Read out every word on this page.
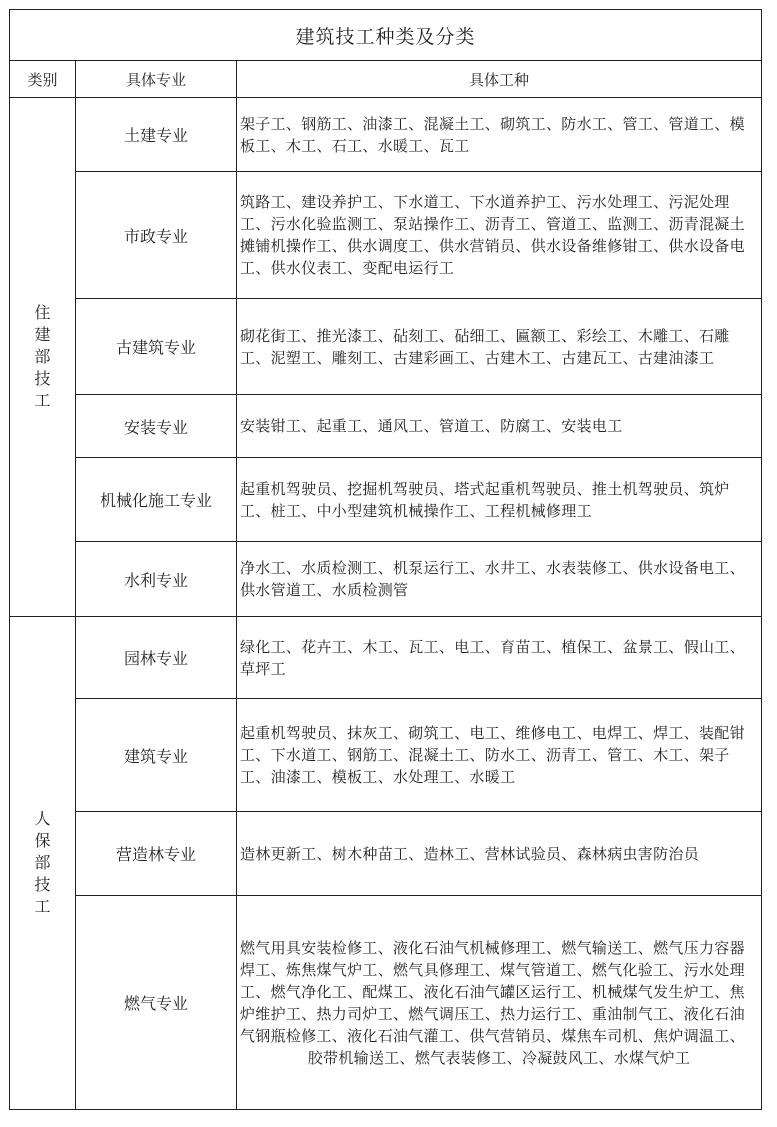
建筑技工种类及分类		
类别	具体专业	具体工种

住
建
部
技
工	土建专业	架子工、钢筋工、油漆工、混凝土工、砌筑工、防水工、管工、管道工、模板工、木工、石工、水暖工、瓦工
	市政专业	筑路工、建设养护工、下水道工、下水道养护工、污水处理工、污泥处理工、污水化验监测工、泵站操作工、沥青工、管道工、监测工、沥青混凝土摊铺机操作工、供水调度工、供水营销员、供水设备维修钳工、供水设备电工、供水仪表工、变配电运行工
	古建筑专业	砌花街工、推光漆工、砧刻工、砧细工、匾额工、彩绘工、木雕工、石雕工、泥塑工、雕刻工、古建彩画工、古建木工、古建瓦工、古建油漆工
	安装专业	安装钳工、起重工、通风工、管道工、防腐工、安装电工
	机械化施工专业	起重机驾驶员、挖掘机驾驶员、塔式起重机驾驶员、推土机驾驶员、筑炉工、桩工、中小型建筑机械操作工、工程机械修理工
	水利专业	净水工、水质检测工、机泵运行工、水井工、水表装修工、供水设备电工、供水管道工、水质检测管

人
保
部
技
工	园林专业	绿化工、花卉工、木工、瓦工、电工、育苗工、植保工、盆景工、假山工、草坪工
	建筑专业	起重机驾驶员、抹灰工、砌筑工、电工、维修电工、电焊工、焊工、装配钳工、下水道工、钢筋工、混凝土工、防水工、沥青工、管工、木工、架子工、油漆工、模板工、水处理工、水暖工
	营造林专业	造林更新工、树木种苗工、造林工、营林试验员、森林病虫害防治员
	燃气专业	燃气用具安装检修工、液化石油气机械修理工、燃气输送工、燃气压力容器焊工、炼焦煤气炉工、燃气具修理工、煤气管道工、燃气化验工、污水处理工、燃气净化工、配煤工、液化石油气罐区运行工、机械煤气发生炉工、焦炉维护工、热力司炉工、燃气调压工、热力运行工、重油制气工、液化石油气钢瓶检修工、液化石油气灌工、供气营销员、煤焦车司机、焦炉调温工、胶带机输送工、燃气表装修工、冷凝鼓风工、水煤气炉工
